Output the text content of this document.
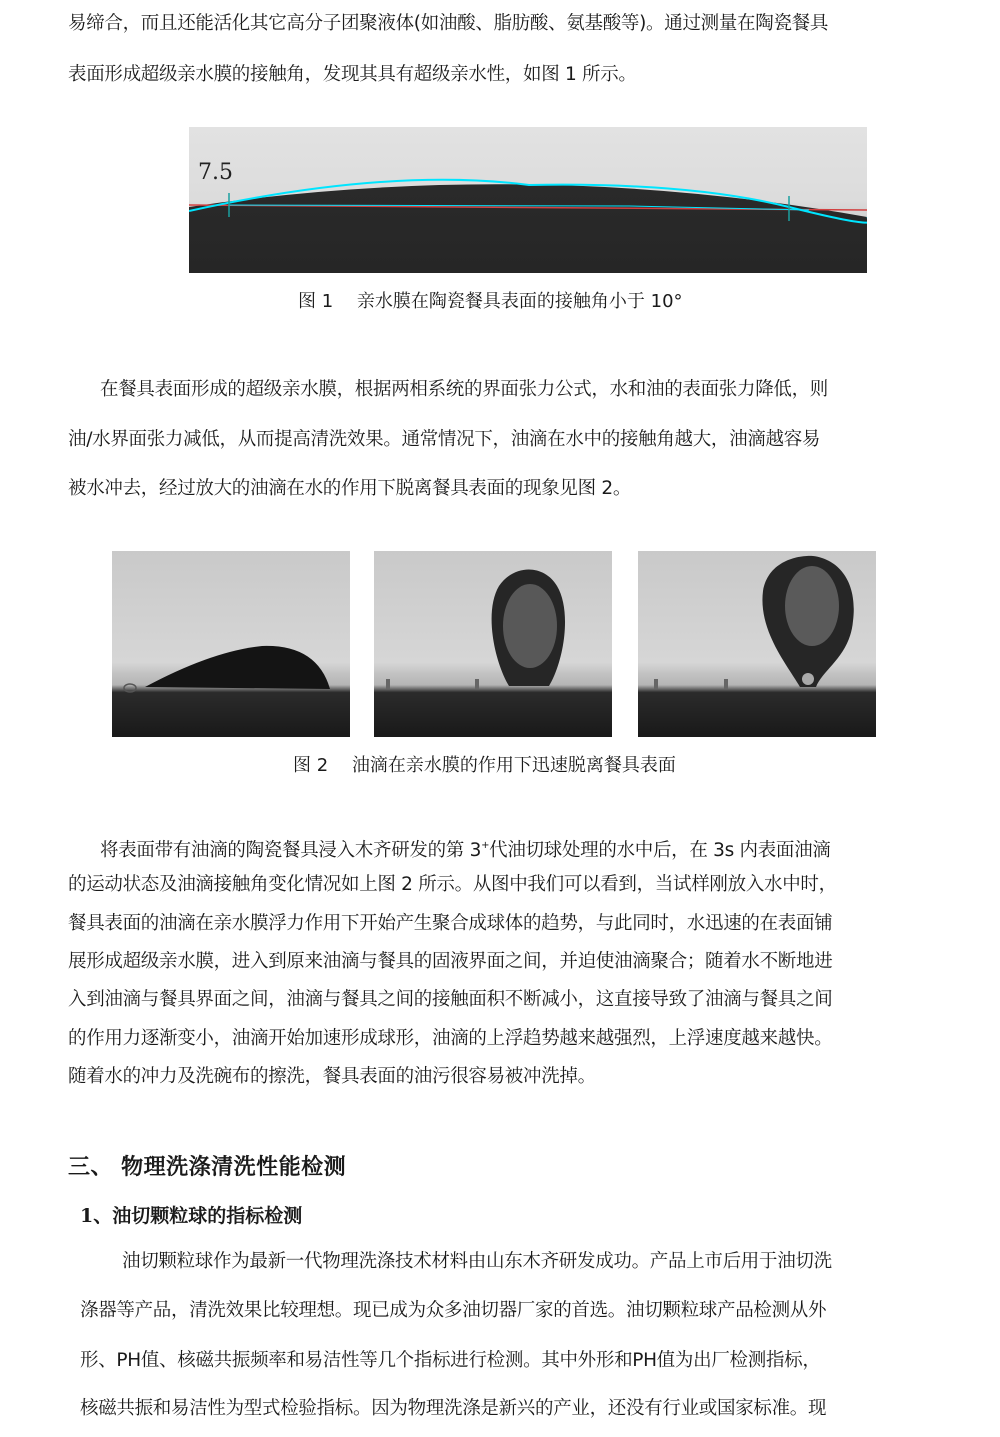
易缔合，而且还能活化其它高分子团聚液体(如油酸、脂肪酸、氨基酸等)。通过测量在陶瓷餐具
表面形成超级亲水膜的接触角，发现其具有超级亲水性，如图 1 所示。
7.5
图 1　 亲水膜在陶瓷餐具表面的接触角小于 10°
在餐具表面形成的超级亲水膜，根据两相系统的界面张力公式，水和油的表面张力降低，则
油/水界面张力减低，从而提高清洗效果。通常情况下，油滴在水中的接触角越大，油滴越容易
被水冲去，经过放大的油滴在水的作用下脱离餐具表面的现象见图 2。
图 2　 油滴在亲水膜的作用下迅速脱离餐具表面
将表面带有油滴的陶瓷餐具浸入木齐研发的第 3+代油切球处理的水中后，在 3s 内表面油滴
的运动状态及油滴接触角变化情况如上图 2 所示。从图中我们可以看到，当试样刚放入水中时，
餐具表面的油滴在亲水膜浮力作用下开始产生聚合成球体的趋势，与此同时，水迅速的在表面铺
展形成超级亲水膜，进入到原来油滴与餐具的固液界面之间，并迫使油滴聚合；随着水不断地进
入到油滴与餐具界面之间，油滴与餐具之间的接触面积不断减小，这直接导致了油滴与餐具之间
的作用力逐渐变小，油滴开始加速形成球形，油滴的上浮趋势越来越强烈，上浮速度越来越快。
随着水的冲力及洗碗布的擦洗，餐具表面的油污很容易被冲洗掉。
三、 物理洗涤清洗性能检测
1、油切颗粒球的指标检测
油切颗粒球作为最新一代物理洗涤技术材料由山东木齐研发成功。产品上市后用于油切洗
涤器等产品，清洗效果比较理想。现已成为众多油切器厂家的首选。油切颗粒球产品检测从外
形、PH值、核磁共振频率和易洁性等几个指标进行检测。其中外形和PH值为出厂检测指标，
核磁共振和易洁性为型式检验指标。因为物理洗涤是新兴的产业，还没有行业或国家标准。现
